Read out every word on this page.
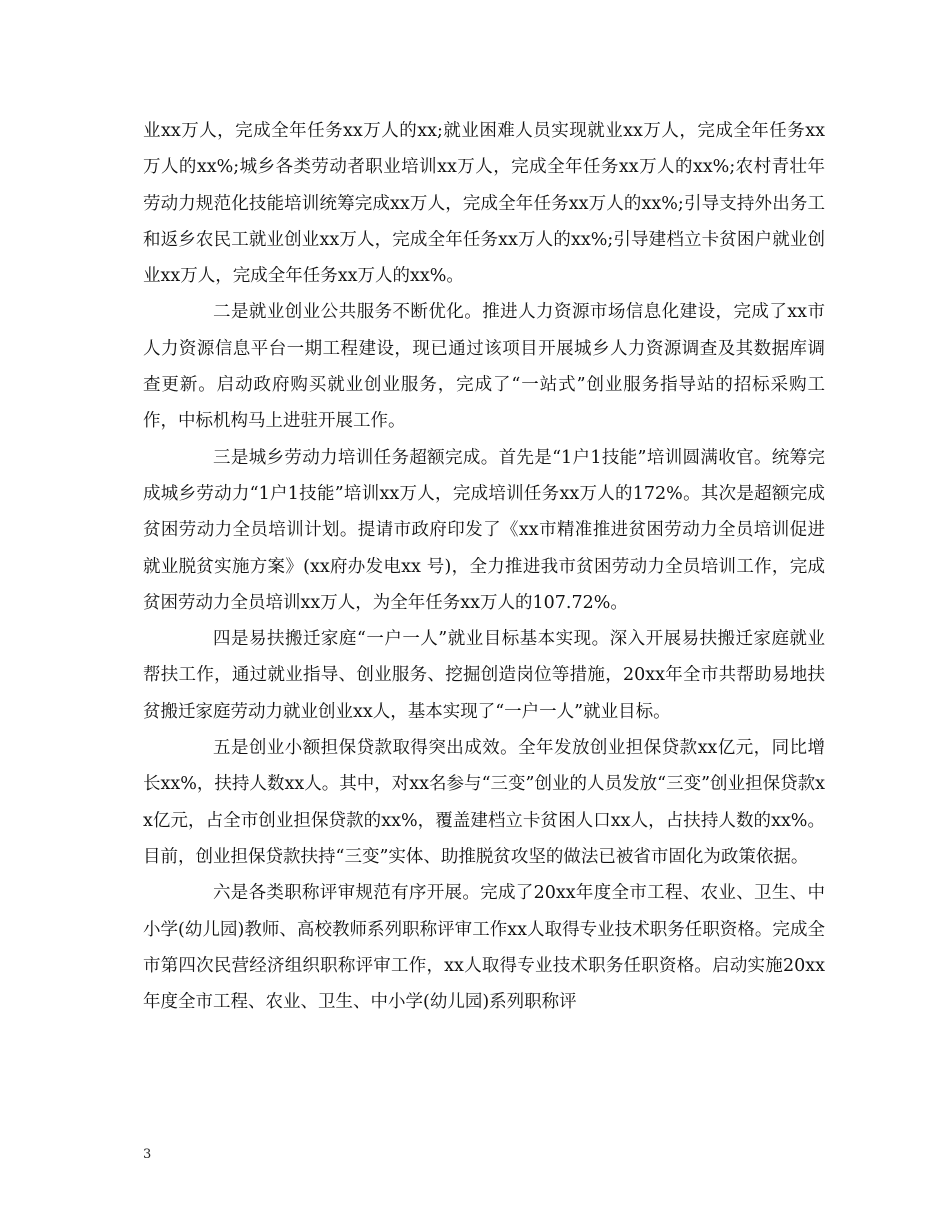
业xx万人，完成全年任务xx万人的xx;就业困难人员实现就业xx万人，完成全年任务xx万人的xx%;城乡各类劳动者职业培训xx万人，完成全年任务xx万人的xx%;农村青壮年劳动力规范化技能培训统筹完成xx万人，完成全年任务xx万人的xx%;引导支持外出务工和返乡农民工就业创业xx万人，完成全年任务xx万人的xx%;引导建档立卡贫困户就业创业xx万人，完成全年任务xx万人的xx%。

二是就业创业公共服务不断优化。推进人力资源市场信息化建设，完成了xx市人力资源信息平台一期工程建设，现已通过该项目开展城乡人力资源调查及其数据库调查更新。启动政府购买就业创业服务，完成了“一站式”创业服务指导站的招标采购工作，中标机构马上进驻开展工作。

三是城乡劳动力培训任务超额完成。首先是“1户1技能”培训圆满收官。统筹完成城乡劳动力“1户1技能”培训xx万人，完成培训任务xx万人的172%。其次是超额完成贫困劳动力全员培训计划。提请市政府印发了《xx市精准推进贫困劳动力全员培训促进就业脱贫实施方案》(xx府办发电xx 号)，全力推进我市贫困劳动力全员培训工作，完成贫困劳动力全员培训xx万人，为全年任务xx万人的107.72%。

四是易扶搬迁家庭“一户一人”就业目标基本实现。深入开展易扶搬迁家庭就业帮扶工作，通过就业指导、创业服务、挖掘创造岗位等措施，20xx年全市共帮助易地扶贫搬迁家庭劳动力就业创业xx人，基本实现了“一户一人”就业目标。

五是创业小额担保贷款取得突出成效。全年发放创业担保贷款xx亿元，同比增长xx%，扶持人数xx人。其中，对xx名参与“三变”创业的人员发放“三变”创业担保贷款xx亿元，占全市创业担保贷款的xx%，覆盖建档立卡贫困人口xx人，占扶持人数的xx%。目前，创业担保贷款扶持“三变”实体、助推脱贫攻坚的做法已被省市固化为政策依据。

六是各类职称评审规范有序开展。完成了20xx年度全市工程、农业、卫生、中小学(幼儿园)教师、高校教师系列职称评审工作xx人取得专业技术职务任职资格。完成全市第四次民营经济组织职称评审工作，xx人取得专业技术职务任职资格。启动实施20xx年度全市工程、农业、卫生、中小学(幼儿园)系列职称评

3
